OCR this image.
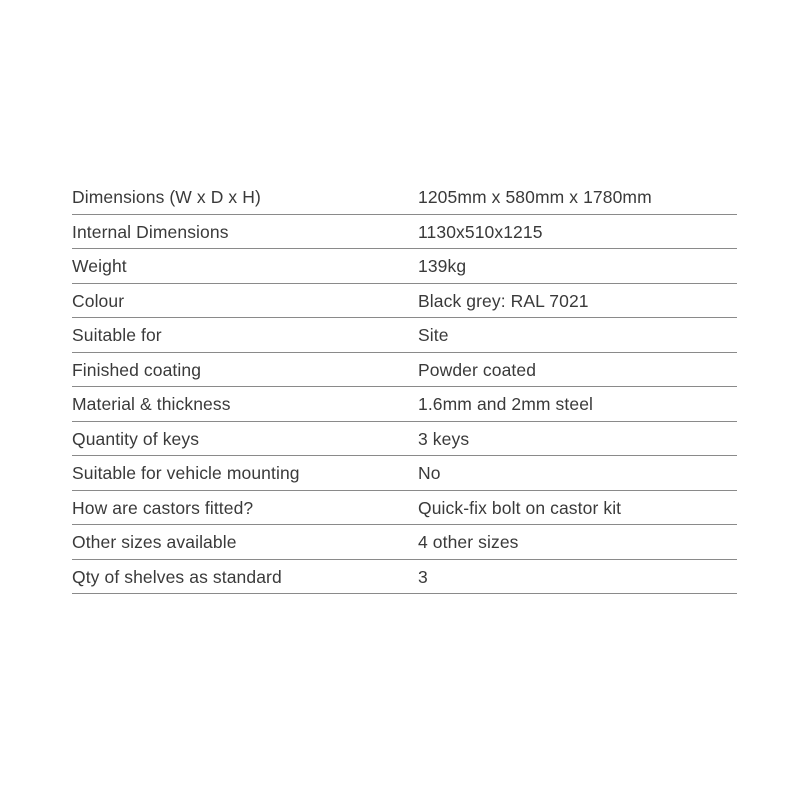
Dimensions (W x D x H)	1205mm x 580mm x 1780mm
Internal Dimensions	1130x510x1215
Weight	139kg
Colour	Black grey: RAL 7021
Suitable for	Site
Finished coating	Powder coated
Material & thickness	1.6mm and 2mm steel
Quantity of keys	3 keys
Suitable for vehicle mounting	No
How are castors fitted?	Quick-fix bolt on castor kit
Other sizes available	4 other sizes
Qty of shelves as standard	3
